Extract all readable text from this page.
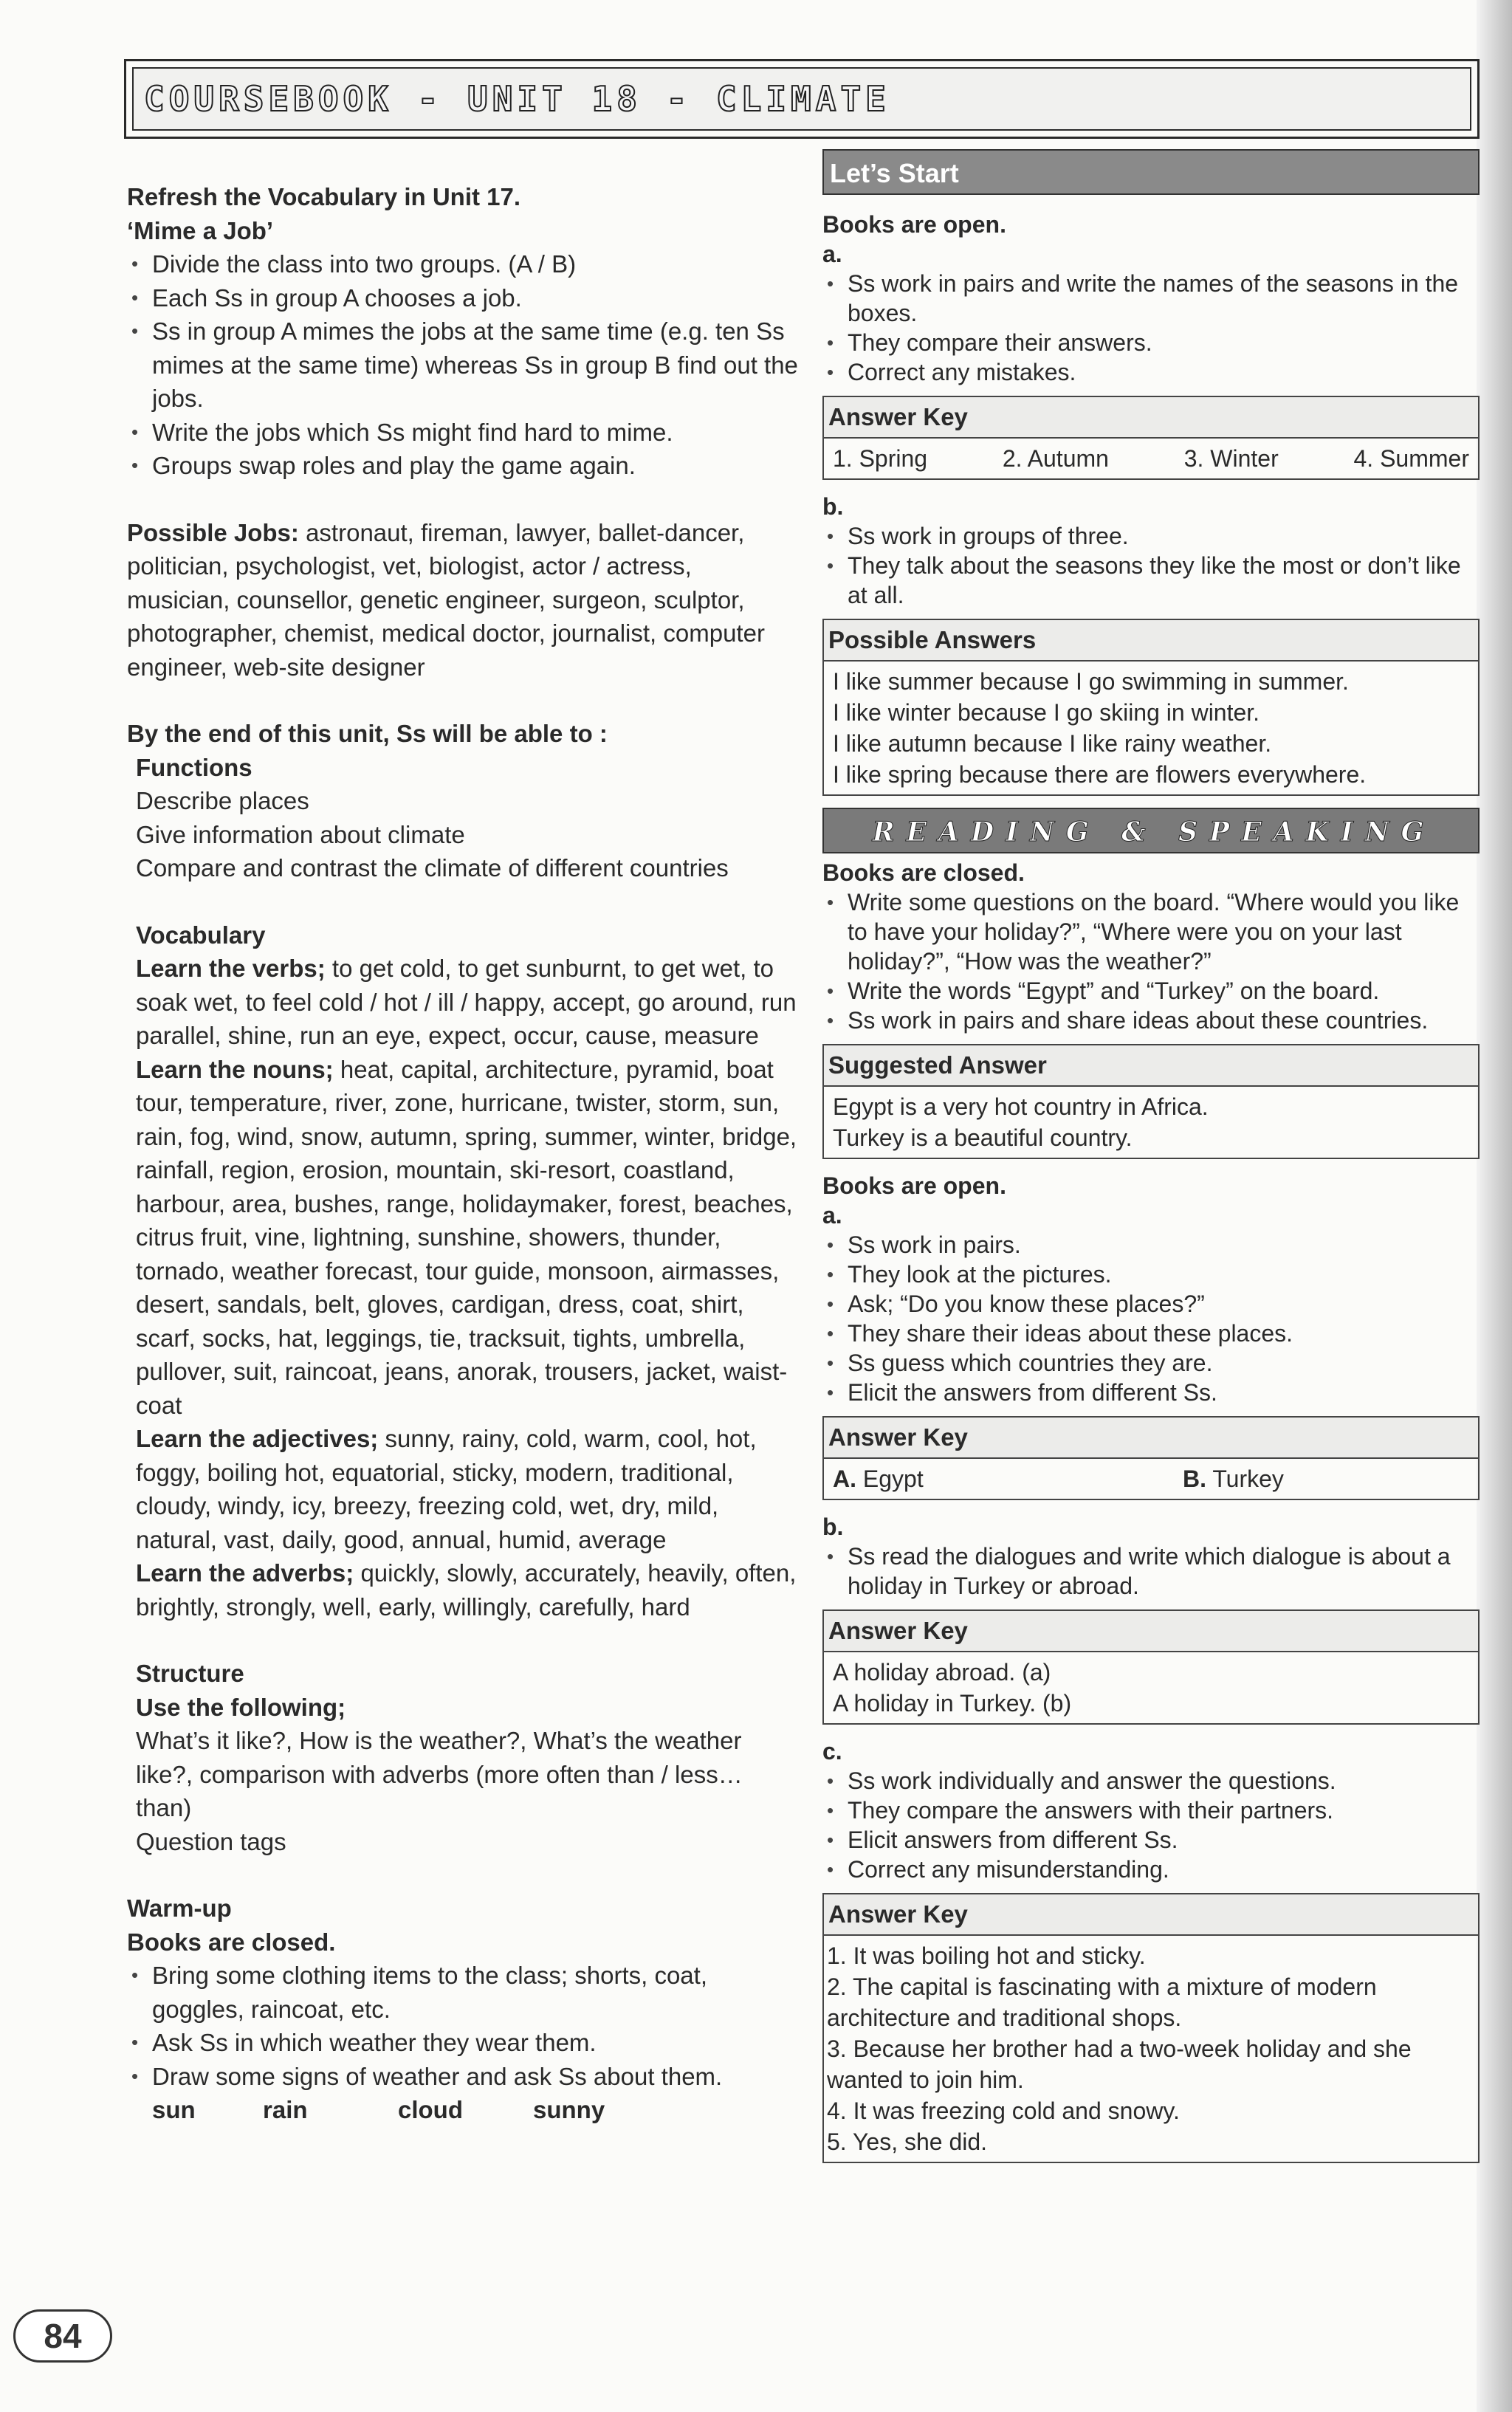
COURSEBOOK - UNIT 18 - CLIMATE
Refresh the Vocabulary in Unit 17.
‘Mime a Job’
• Divide the class into two groups. (A / B)
• Each Ss in group A chooses a job.
• Ss in group A mimes the jobs at the same time (e.g. ten Ss mimes at the same time) whereas Ss in group B find out the jobs.
• Write the jobs which Ss might find hard to mime.
• Groups swap roles and play the game again.
Possible Jobs: astronaut, fireman, lawyer, ballet-dancer, politician, psychologist, vet, biologist, actor / actress, musician, counsellor, genetic engineer, surgeon, sculptor, photographer, chemist, medical doctor, journalist, computer engineer, web-site designer
By the end of this unit, Ss will be able to :
Functions
Describe places
Give information about climate
Compare and contrast the climate of different countries
Vocabulary
Learn the verbs; to get cold, to get sunburnt, to get wet, to soak wet, to feel cold / hot / ill / happy, accept, go around, run parallel, shine, run an eye, expect, occur, cause, measure
Learn the nouns; heat, capital, architecture, pyramid, boat tour, temperature, river, zone, hurricane, twister, storm, sun, rain, fog, wind, snow, autumn, spring, summer, winter, bridge, rainfall, region, erosion, mountain, ski-resort, coastland, harbour, area, bushes, range, holidaymaker, forest, beaches, citrus fruit, vine, lightning, sunshine, showers, thunder, tornado, weather forecast, tour guide, monsoon, airmasses, desert, sandals, belt, gloves, cardigan, dress, coat, shirt, scarf, socks, hat, leggings, tie, tracksuit, tights, umbrella, pullover, suit, raincoat, jeans, anorak, trousers, jacket, waist-coat
Learn the adjectives; sunny, rainy, cold, warm, cool, hot, foggy, boiling hot, equatorial, sticky, modern, traditional, cloudy, windy, icy, breezy, freezing cold, wet, dry, mild, natural, vast, daily, good, annual, humid, average
Learn the adverbs; quickly, slowly, accurately, heavily, often, brightly, strongly, well, early, willingly, carefully, hard
Structure
Use the following;
What’s it like?, How is the weather?, What’s the weather like?, comparison with adverbs (more often than / less… than)
Question tags
Warm-up
Books are closed.
• Bring some clothing items to the class; shorts, coat, goggles, raincoat, etc.
• Ask Ss in which weather they wear them.
• Draw some signs of weather and ask Ss about them.
sun	rain	cloud	sunny
Let’s Start
Books are open.
a.
• Ss work in pairs and write the names of the seasons in the boxes.
• They compare their answers.
• Correct any mistakes.
Answer Key
1. Spring	2. Autumn	3. Winter	4. Summer
b.
• Ss work in groups of three.
• They talk about the seasons they like the most or don’t like at all.
Possible Answers
I like summer because I go swimming in summer.
I like winter because I go skiing in winter.
I like autumn because I like rainy weather.
I like spring because there are flowers everywhere.
READING & SPEAKING
Books are closed.
• Write some questions on the board. “Where would you like to have your holiday?”, “Where were you on your last holiday?”, “How was the weather?”
• Write the words “Egypt” and “Turkey” on the board.
• Ss work in pairs and share ideas about these countries.
Suggested Answer
Egypt is a very hot country in Africa.
Turkey is a beautiful country.
Books are open.
a.
• Ss work in pairs.
• They look at the pictures.
• Ask; “Do you know these places?”
• They share their ideas about these places.
• Ss guess which countries they are.
• Elicit the answers from different Ss.
Answer Key
A. Egypt	B. Turkey
b.
• Ss read the dialogues and write which dialogue is about a holiday in Turkey or abroad.
Answer Key
A holiday abroad. (a)
A holiday in Turkey. (b)
c.
• Ss work individually and answer the questions.
• They compare the answers with their partners.
• Elicit answers from different Ss.
• Correct any misunderstanding.
Answer Key
1. It was boiling hot and sticky.
2. The capital is fascinating with a mixture of modern architecture and traditional shops.
3. Because her brother had a two-week holiday and she wanted to join him.
4. It was freezing cold and snowy.
5. Yes, she did.
84
